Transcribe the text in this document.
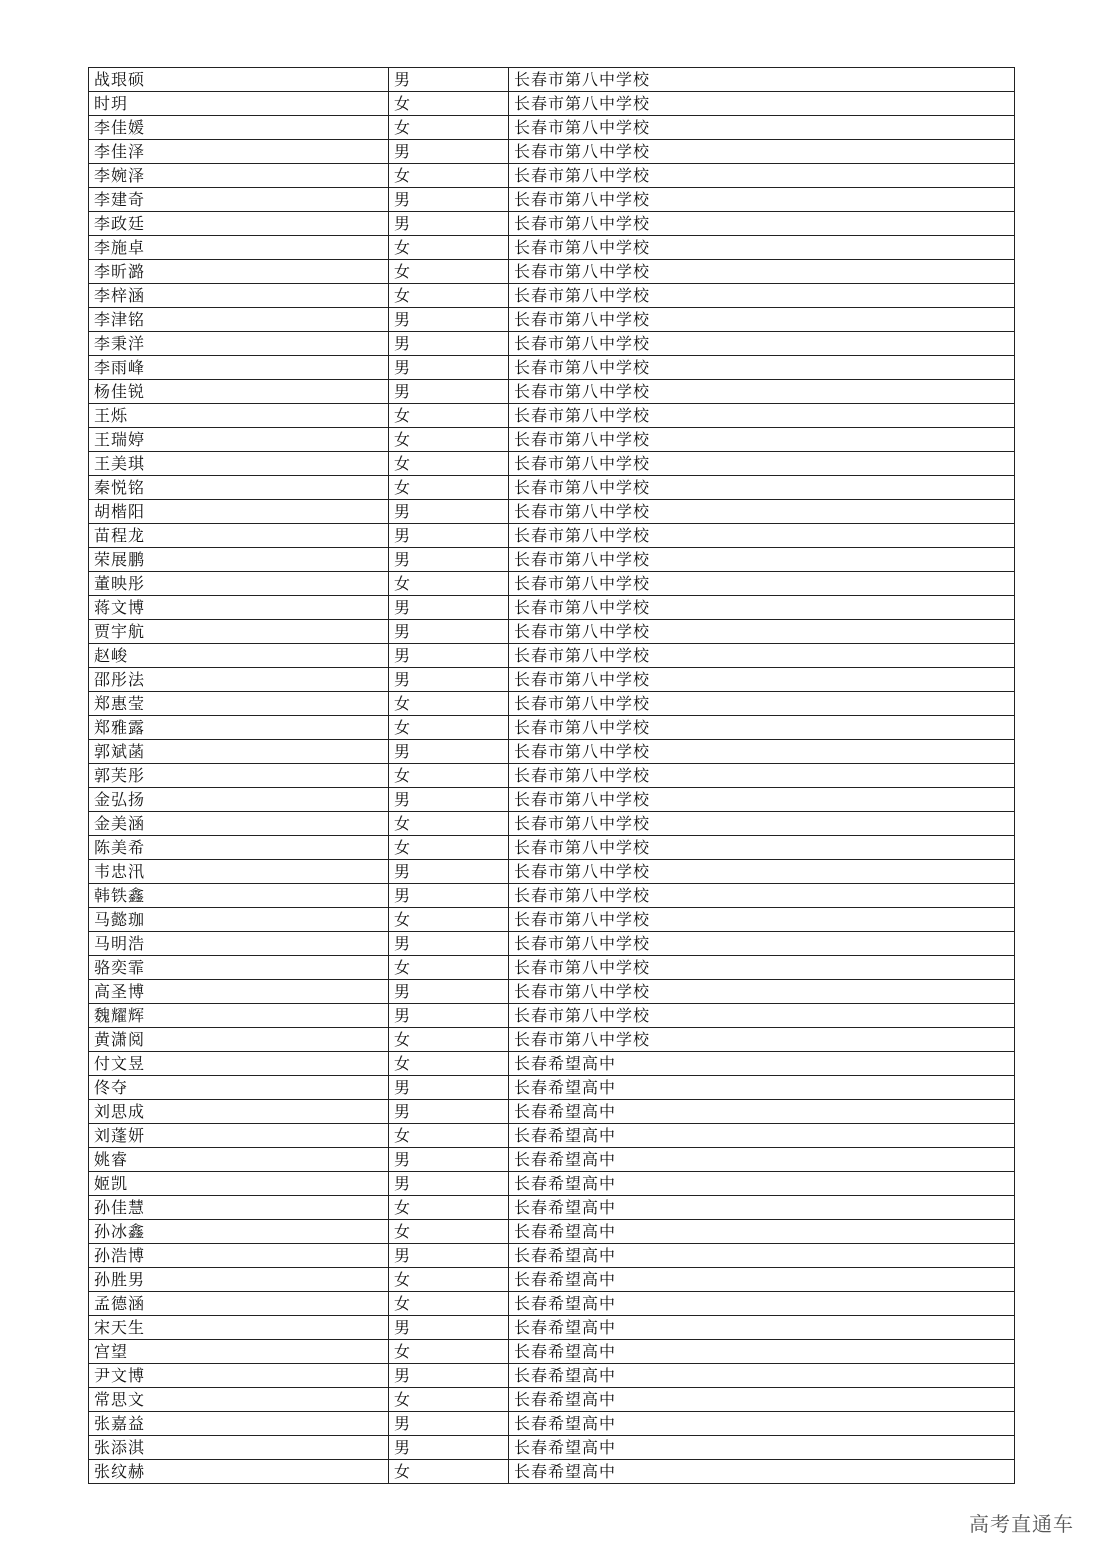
战珢硕	男	长春市第八中学校
时玥	女	长春市第八中学校
李佳媛	女	长春市第八中学校
李佳泽	男	长春市第八中学校
李婉泽	女	长春市第八中学校
李建奇	男	长春市第八中学校
李政廷	男	长春市第八中学校
李施卓	女	长春市第八中学校
李昕潞	女	长春市第八中学校
李梓涵	女	长春市第八中学校
李津铭	男	长春市第八中学校
李秉洋	男	长春市第八中学校
李雨峰	男	长春市第八中学校
杨佳锐	男	长春市第八中学校
王烁	女	长春市第八中学校
王瑞婷	女	长春市第八中学校
王美琪	女	长春市第八中学校
秦悦铭	女	长春市第八中学校
胡楷阳	男	长春市第八中学校
苗程龙	男	长春市第八中学校
荣展鹏	男	长春市第八中学校
董映彤	女	长春市第八中学校
蒋文博	男	长春市第八中学校
贾宇航	男	长春市第八中学校
赵峻	男	长春市第八中学校
邵彤法	男	长春市第八中学校
郑惠莹	女	长春市第八中学校
郑雅露	女	长春市第八中学校
郭斌菡	男	长春市第八中学校
郭芙彤	女	长春市第八中学校
金弘扬	男	长春市第八中学校
金美涵	女	长春市第八中学校
陈美希	女	长春市第八中学校
韦忠汛	男	长春市第八中学校
韩铁鑫	男	长春市第八中学校
马懿珈	女	长春市第八中学校
马明浩	男	长春市第八中学校
骆奕霏	女	长春市第八中学校
高圣博	男	长春市第八中学校
魏耀辉	男	长春市第八中学校
黄潇阅	女	长春市第八中学校
付文昱	女	长春希望高中
佟夺	男	长春希望高中
刘思成	男	长春希望高中
刘蓬妍	女	长春希望高中
姚睿	男	长春希望高中
姬凯	男	长春希望高中
孙佳慧	女	长春希望高中
孙冰鑫	女	长春希望高中
孙浩博	男	长春希望高中
孙胜男	女	长春希望高中
孟德涵	女	长春希望高中
宋天生	男	长春希望高中
宫望	女	长春希望高中
尹文博	男	长春希望高中
常思文	女	长春希望高中
张嘉益	男	长春希望高中
张添淇	男	长春希望高中
张纹赫	女	长春希望高中
高考直通车
